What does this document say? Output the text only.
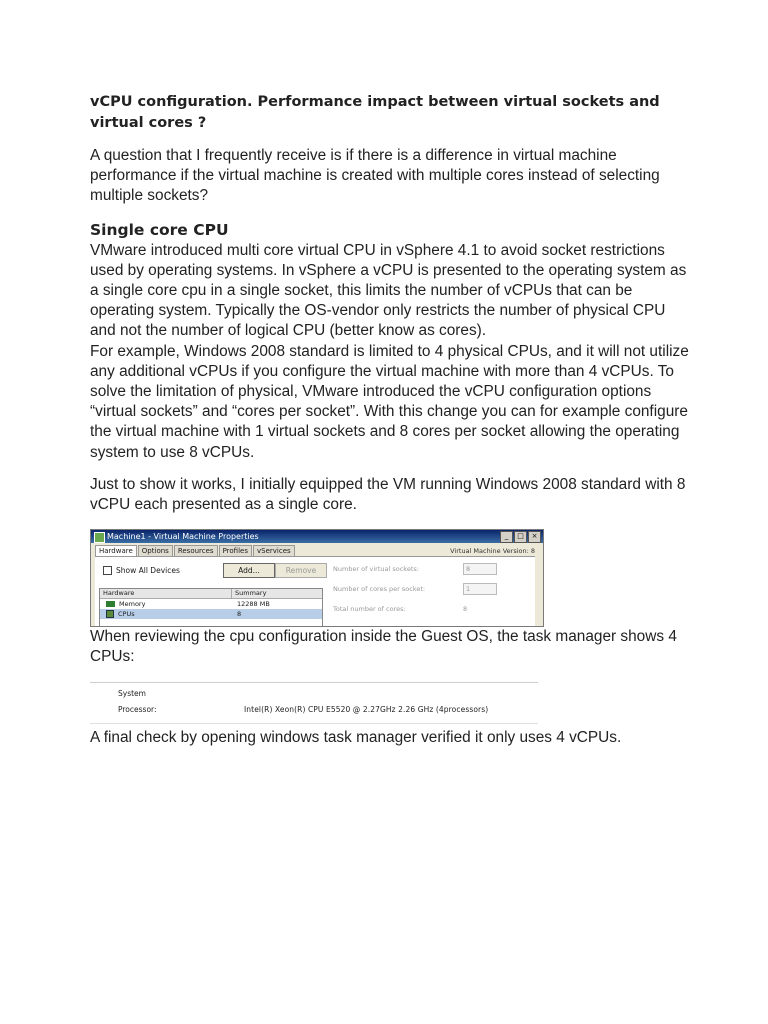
vCPU configuration. Performance impact between virtual sockets and virtual cores ?

A question that I frequently receive is if there is a difference in virtual machine performance if the virtual machine is created with multiple cores instead of selecting multiple sockets?

Single core CPU

VMware introduced multi core virtual CPU in vSphere 4.1 to avoid socket restrictions used by operating systems. In vSphere a vCPU is presented to the operating system as a single core cpu in a single socket, this limits the number of vCPUs that can be operating system. Typically the OS-vendor only restricts the number of physical CPU and not the number of logical CPU (better know as cores).

For example, Windows 2008 standard is limited to 4 physical CPUs, and it will not utilize any additional vCPUs if you configure the virtual machine with more than 4 vCPUs. To solve the limitation of physical, VMware introduced the vCPU configuration options “virtual sockets” and “cores per socket”. With this change you can for example configure the virtual machine with 1 virtual sockets and 8 cores per socket allowing the operating system to use 8 vCPUs.

Just to show it works, I initially equipped the VM running Windows 2008 standard with 8 vCPU each presented as a single core.

Machine1 - Virtual Machine Properties	_	□	×
Hardware	Options	Resources	Profiles	vServices	Virtual Machine Version: 8
Show All Devices	Add...	Remove
Hardware	Summary
Memory	12288 MB
CPUs	8
Number of virtual sockets:	8
Number of cores per socket:	1
Total number of cores:	8

When reviewing the cpu configuration inside the Guest OS, the task manager shows 4 CPUs:

System
Processor:	Intel(R) Xeon(R) CPU E5520 @ 2.27GHz 2.26 GHz (4processors)

A final check by opening windows task manager verified it only uses 4 vCPUs.
